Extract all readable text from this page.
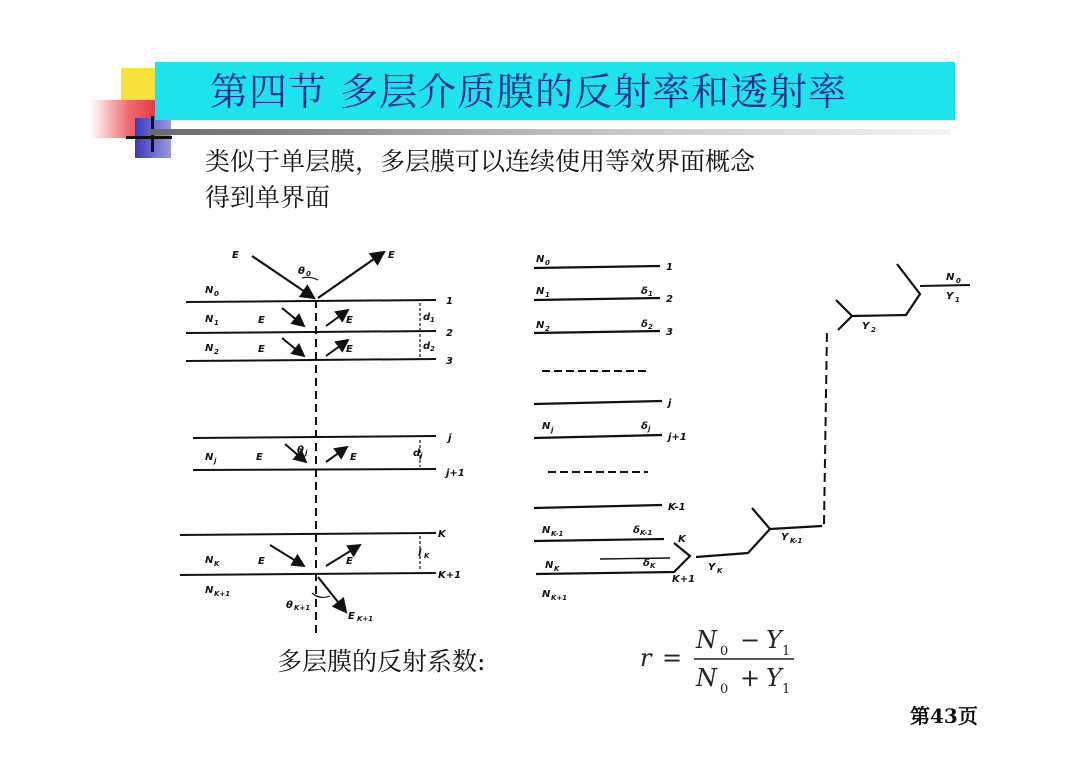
第四节 多层介质膜的反射率和透射率
类似于单层膜，多层膜可以连续使用等效界面概念
得到单界面
E	E
θ 0
N 0
N 1
N 2
N j
N K
N K+1
E	E
E	E
E	E
θ j
E	E
θ K+1
E K+1
d 1
d 2
d j
l K
1
2
3
j
j+1
K
K+1
N 0
N 1
N 2
N j
N K-1
N K
N K+1
δ 1
δ 2
δ j
δ K-1
δ K
1
2
3
j
j+1
K-1
K
K+1
N 0
Y 1
Y 2
Y K-1
Y K
r =
N 0 − Y 1
N 0 + Y 1
多层膜的反射系数:
第43页
